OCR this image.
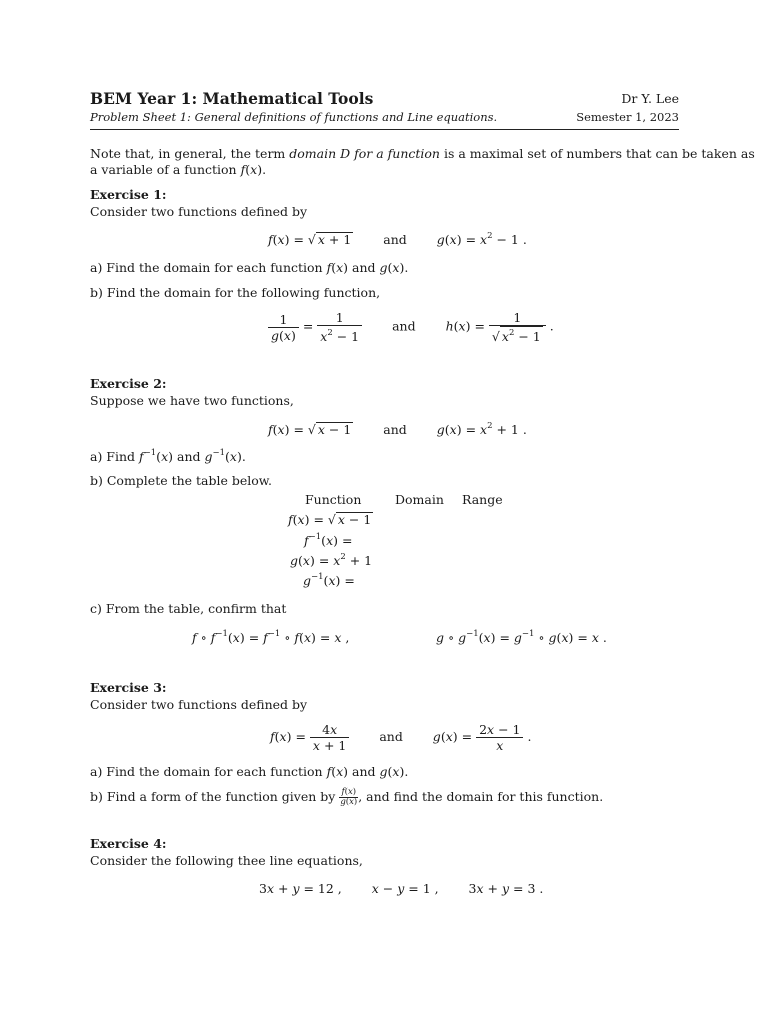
BEM Year 1: Mathematical Tools	Dr Y. Lee
Problem Sheet 1: General definitions of functions and Line equations.	Semester 1, 2023
Note that, in general, the term domain D for a function is a maximal set of numbers that can be taken as
a variable of a function f(x).
Exercise 1:
Consider two functions defined by
f(x) = √ x + 1	and $g(x) = x^2 - 1$ .
a) Find the domain for each function f(x) and g(x).
b) Find the domain for the following function,
$\frac{1}{g(x)} = \frac{1}{x^2 - 1}$ and $h(x) = \frac{1}{√ x^2 - 1}$ .
Exercise 2:
Suppose we have two functions,
f(x) = √ x − 1	and $g(x) = x^2 + 1$ .
a) Find $f^{-1}(x)$ and $g^{-1}(x)$.
b) Complete the table below.
Function	Domain Range
f(x) = √ x − 1
$f^{-1}(x)$ =
$g(x) = x^2 + 1$
$g^{-1}(x)$ =
c) From the table, confirm that
f ∘ $f^{-1}(x) = f^{-1}$ ∘ f(x) = x ,	g ∘ $g^{-1}(x) = g^{-1}$ ∘ g(x) = x .
Exercise 3:
Consider two functions defined by
$f(x) = \frac{4x}{x + 1}$ and $g(x) = \frac{2x - 1}{x}$ .
a) Find the domain for each function f(x) and g(x).
b) Find a form of the function given by $\frac{f(x)}{g(x)}$ , and find the domain for this function.
Exercise 4:
Consider the following thee line equations,
3x + y = 12 ,  x − y = 1 ,  3x + y = 3 .
